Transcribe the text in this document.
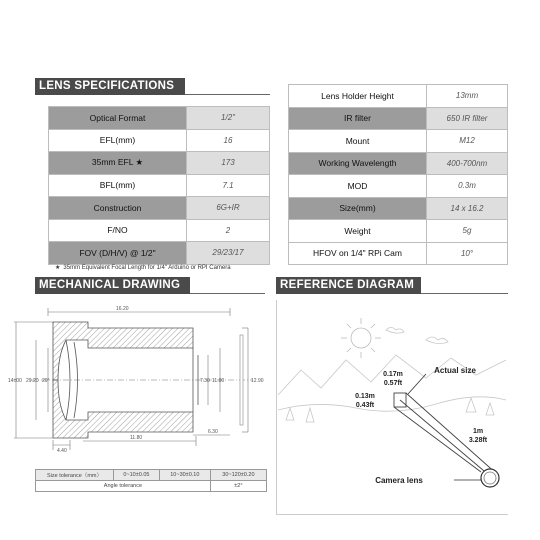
LENS SPECIFICATIONS
Optical Format	1/2"
EFL(mm)	16
35mm EFL ★	173
BFL(mm)	7.1
Construction	6G+IR
F/NO	2
FOV (D/H/V) @ 1/2"	29/23/17
★ 35mm Equivalent Focal Length for 1/4" Arduino or RPI Camera
Lens Holder Height	13mm
IR filter	650 IR filter
Mount	M12
Working Wavelength	400-700nm
MOD	0.3m
Size(mm)	14 x 16.2
Weight	5g
HFOV on 1/4" RPi Cam	10°
MECHANICAL DRAWING
16.20
14±00 29.20 20°	7.30 11.00	12.90
11.80
4.40
6.30
Size tolerance（mm）	0~10±0.05	10~30±0.10	30~120±0.20
Angle tolerance			±2°
REFERENCE DIAGRAM
Actual size
0.17m
0.57ft
0.13m
0.43ft
1m
3.28ft
Camera lens
